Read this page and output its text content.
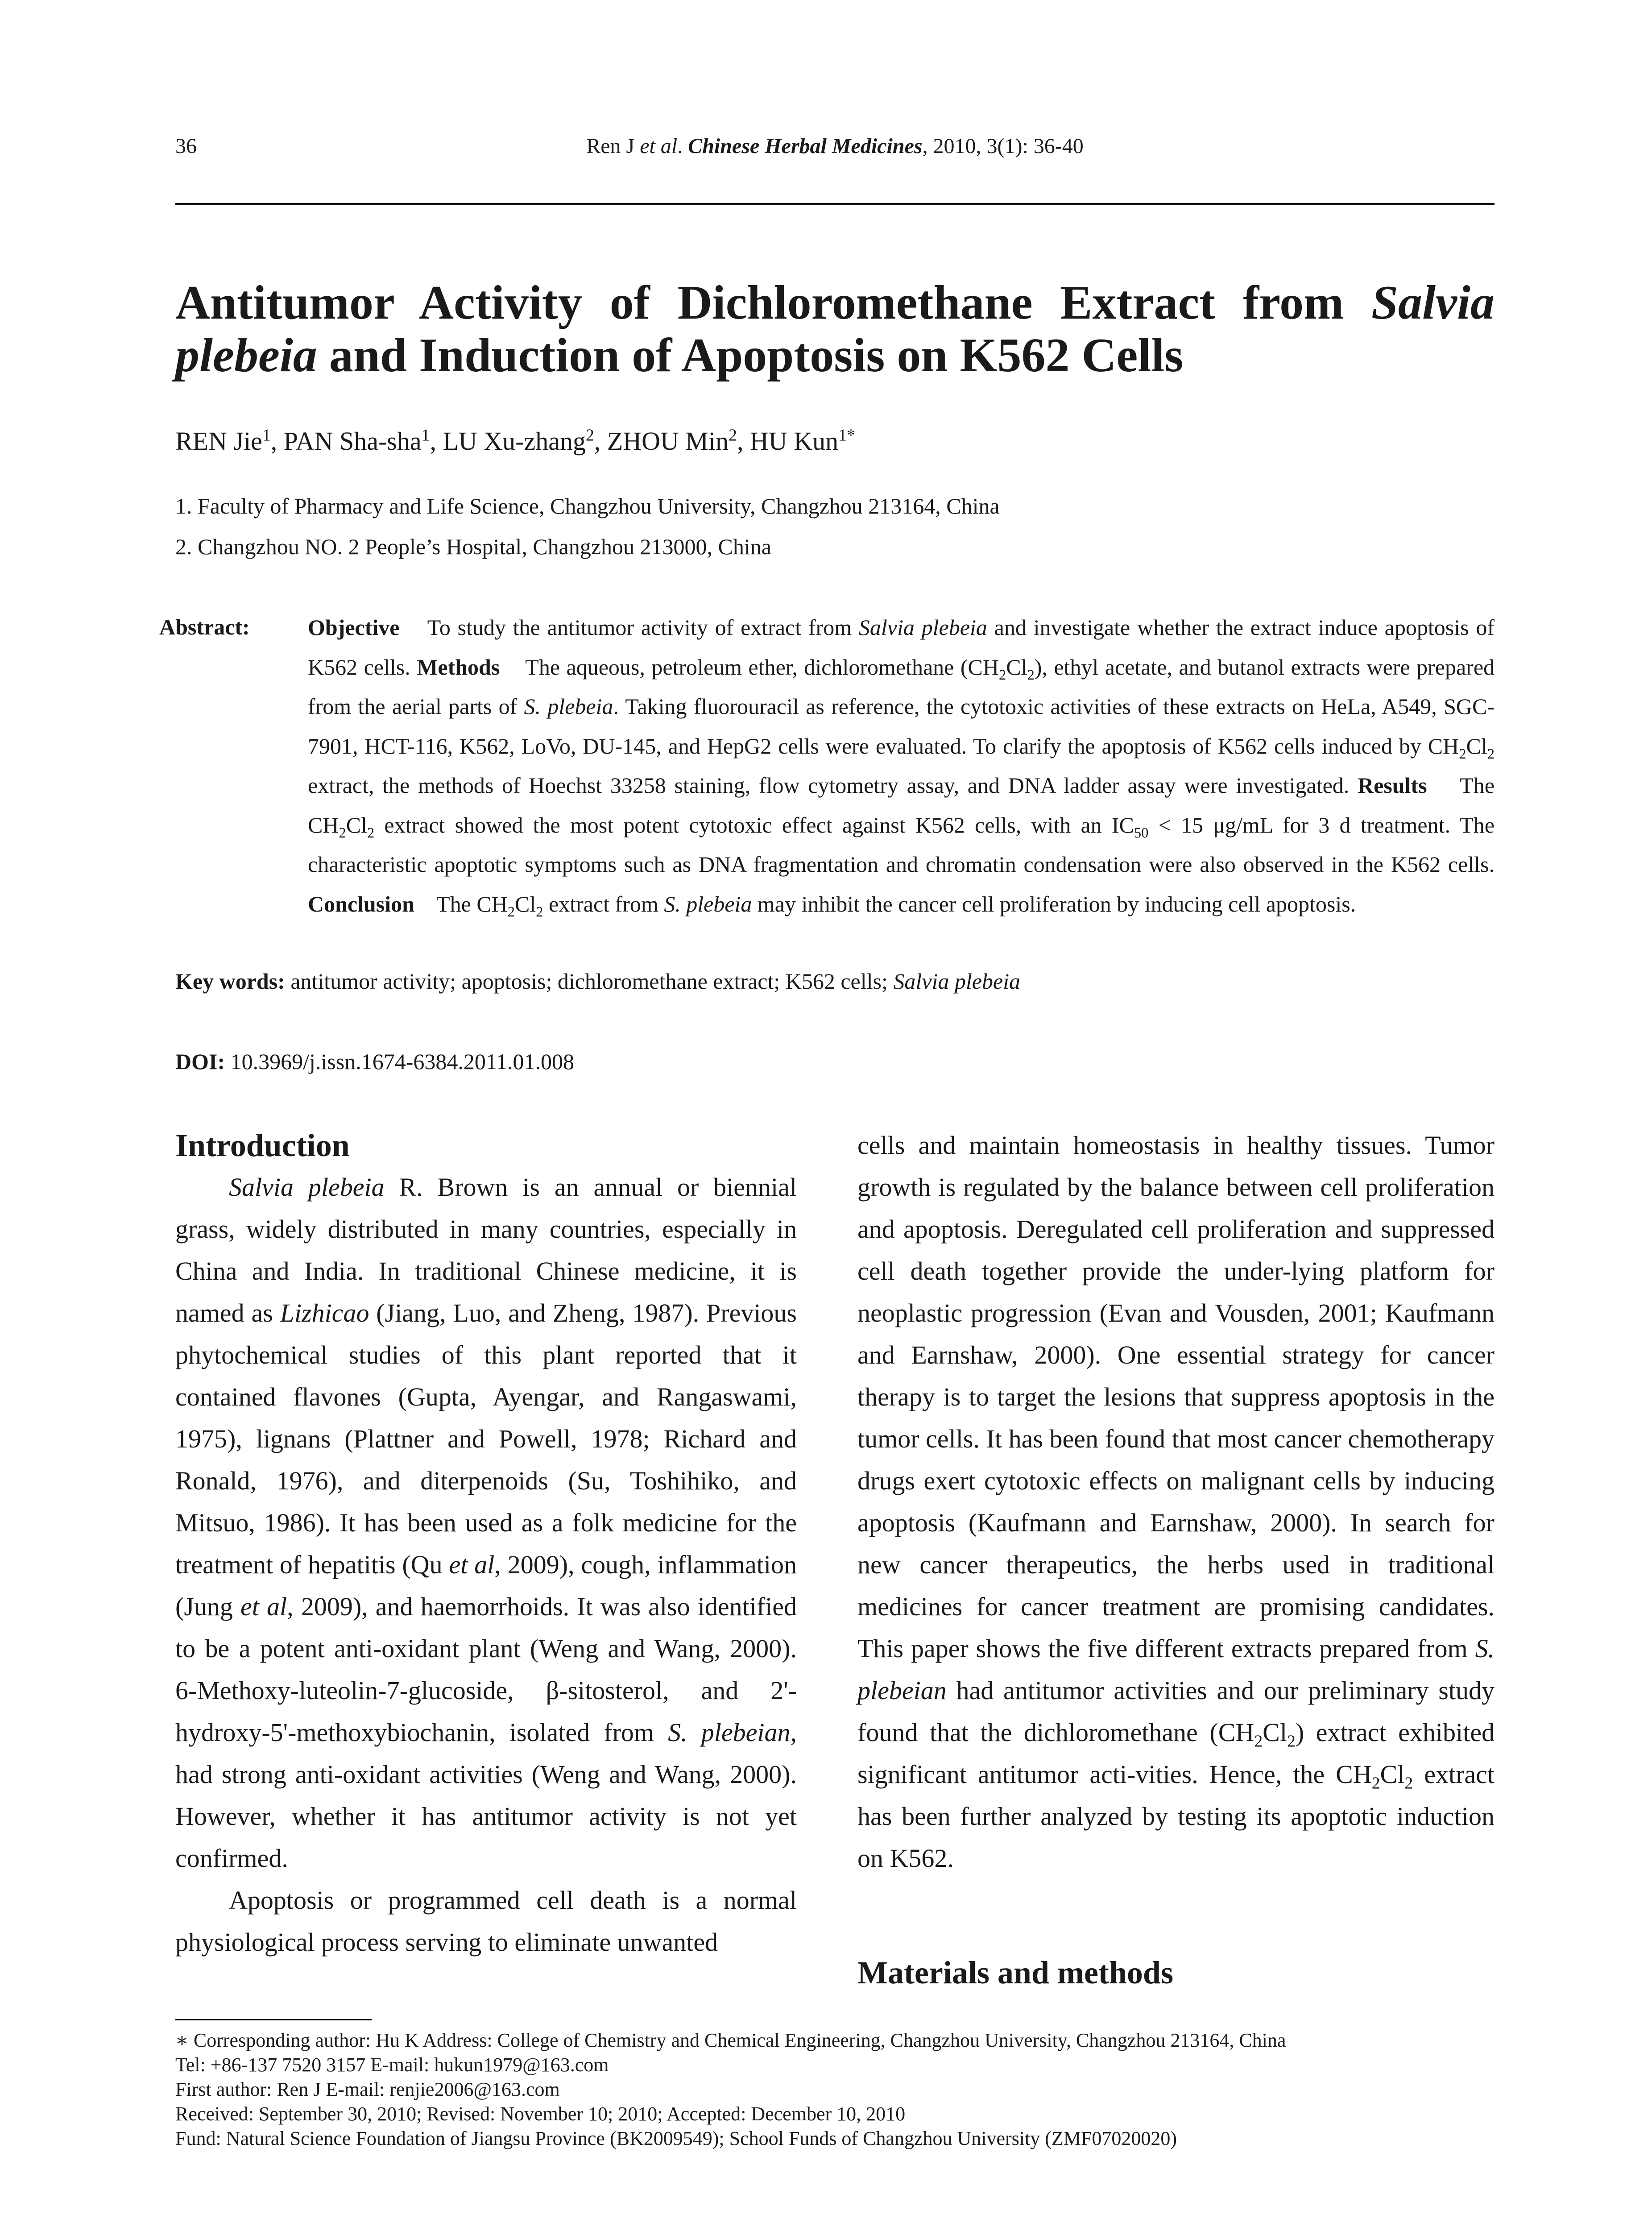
36	Ren J et al. Chinese Herbal Medicines, 2010, 3(1): 36-40
Antitumor Activity of Dichloromethane Extract from Salvia plebeia and Induction of Apoptosis on K562 Cells
REN Jie$^1$, PAN Sha-sha$^1$, LU Xu-zhang$^2$, ZHOU Min$^2$, HU Kun$^{1*}$
1. Faculty of Pharmacy and Life Science, Changzhou University, Changzhou 213164, China
2. Changzhou NO. 2 People’s Hospital, Changzhou 213000, China
Abstract:	Objective To study the antitumor activity of extract from Salvia plebeia and investigate whether the extract induce apoptosis of K562 cells. Methods The aqueous, petroleum ether, dichloromethane $(CH_2Cl_2)$, ethyl acetate, and butanol extracts were prepared from the aerial parts of S. plebeia. Taking fluorouracil as reference, the cytotoxic activities of these extracts on HeLa, A549, SGC-7901, HCT-116, K562, LoVo, DU-145, and HepG2 cells were evaluated. To clarify the apoptosis of K562 cells induced by $CH_2Cl_2$ extract, the methods of Hoechst 33258 staining, flow cytometry assay, and DNA ladder assay were investigated. Results The $CH_2Cl_2$ extract showed the most potent cytotoxic effect against K562 cells, with an $IC_{50} < 15$ μg/mL for 3 d treatment. The characteristic apoptotic symptoms such as DNA fragmentation and chromatin condensation were also observed in the K562 cells. Conclusion The $CH_2Cl_2$ extract from S. plebeia may inhibit the cancer cell proliferation by inducing cell apoptosis.
Key words: antitumor activity; apoptosis; dichloromethane extract; K562 cells; Salvia plebeia
DOI: 10.3969/j.issn.1674-6384.2011.01.008
Introduction

Salvia plebeia R. Brown is an annual or biennial grass, widely distributed in many countries, especially in China and India. In traditional Chinese medicine, it is named as Lizhicao (Jiang, Luo, and Zheng, 1987). Previous phytochemical studies of this plant reported that it contained flavones (Gupta, Ayengar, and Rangaswami, 1975), lignans (Plattner and Powell, 1978; Richard and Ronald, 1976), and diterpenoids (Su, Toshihiko, and Mitsuo, 1986). It has been used as a folk medicine for the treatment of hepatitis (Qu et al, 2009), cough, inflammation (Jung et al, 2009), and haemorrhoids. It was also identified to be a potent anti-oxidant plant (Weng and Wang, 2000). 6-Methoxy-luteolin-7-glucoside, β-sitosterol, and 2'-hydroxy-5'-methoxybiochanin, isolated from S. plebeian, had strong anti-oxidant activities (Weng and Wang, 2000). However, whether it has antitumor activity is not yet confirmed.

Apoptosis or programmed cell death is a normal physiological process serving to eliminate unwanted

cells and maintain homeostasis in healthy tissues. Tumor growth is regulated by the balance between cell proliferation and apoptosis. Deregulated cell proliferation and suppressed cell death together provide the under-lying platform for neoplastic progression (Evan and Vousden, 2001; Kaufmann and Earnshaw, 2000). One essential strategy for cancer therapy is to target the lesions that suppress apoptosis in the tumor cells. It has been found that most cancer chemotherapy drugs exert cytotoxic effects on malignant cells by inducing apoptosis (Kaufmann and Earnshaw, 2000). In search for new cancer therapeutics, the herbs used in traditional medicines for cancer treatment are promising candidates. This paper shows the five different extracts prepared from S. plebeian had antitumor activities and our preliminary study found that the dichloromethane $(CH_2Cl_2)$ extract exhibited significant antitumor acti-vities. Hence, the $CH_2Cl_2$ extract has been further analyzed by testing its apoptotic induction on K562.

Materials and methods
∗ Corresponding author: Hu K Address: College of Chemistry and Chemical Engineering, Changzhou University, Changzhou 213164, China
Tel: +86-137 7520 3157 E-mail: hukun1979@163.com
First author: Ren J E-mail: renjie2006@163.com
Received: September 30, 2010; Revised: November 10; 2010; Accepted: December 10, 2010
Fund: Natural Science Foundation of Jiangsu Province (BK2009549); School Funds of Changzhou University (ZMF07020020)
